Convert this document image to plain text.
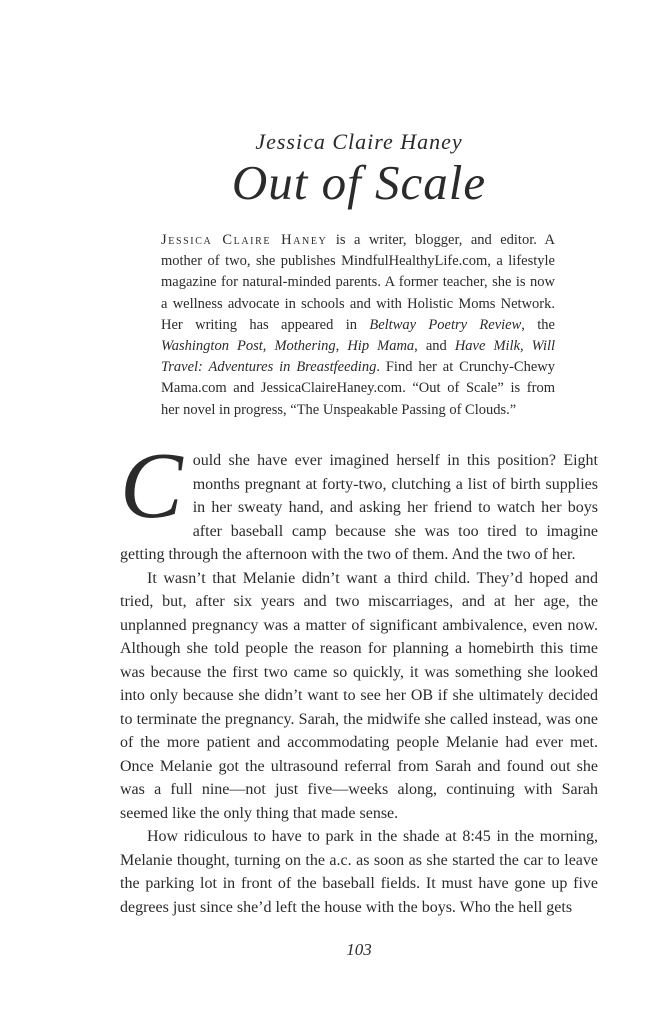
Jessica Claire Haney
Out of Scale

Jessica Claire Haney is a writer, blogger, and editor. A mother of two, she publishes MindfulHealthyLife.com, a lifestyle magazine for natural-minded parents. A former teacher, she is now a wellness advocate in schools and with Holistic Moms Network. Her writing has appeared in Beltway Poetry Review, the Washington Post, Mothering, Hip Mama, and Have Milk, Will Travel: Adventures in Breastfeeding. Find her at Crunchy-Chewy Mama.com and JessicaClaireHaney.com. “Out of Scale” is from her novel in progress, “The Unspeakable Passing of Clouds.”

Could she have ever imagined herself in this position? Eight months pregnant at forty-two, clutching a list of birth supplies in her sweaty hand, and asking her friend to watch her boys after baseball camp because she was too tired to imagine getting through the afternoon with the two of them. And the two of her.

It wasn’t that Melanie didn’t want a third child. They’d hoped and tried, but, after six years and two miscarriages, and at her age, the unplanned pregnancy was a matter of significant ambivalence, even now. Although she told people the reason for planning a homebirth this time was because the first two came so quickly, it was something she looked into only because she didn’t want to see her OB if she ultimately decided to terminate the pregnancy. Sarah, the midwife she called instead, was one of the more patient and accommodating people Melanie had ever met. Once Melanie got the ultrasound referral from Sarah and found out she was a full nine—not just five—weeks along, continuing with Sarah seemed like the only thing that made sense.

How ridiculous to have to park in the shade at 8:45 in the morning, Melanie thought, turning on the a.c. as soon as she started the car to leave the parking lot in front of the baseball fields. It must have gone up five degrees just since she’d left the house with the boys. Who the hell gets

103
